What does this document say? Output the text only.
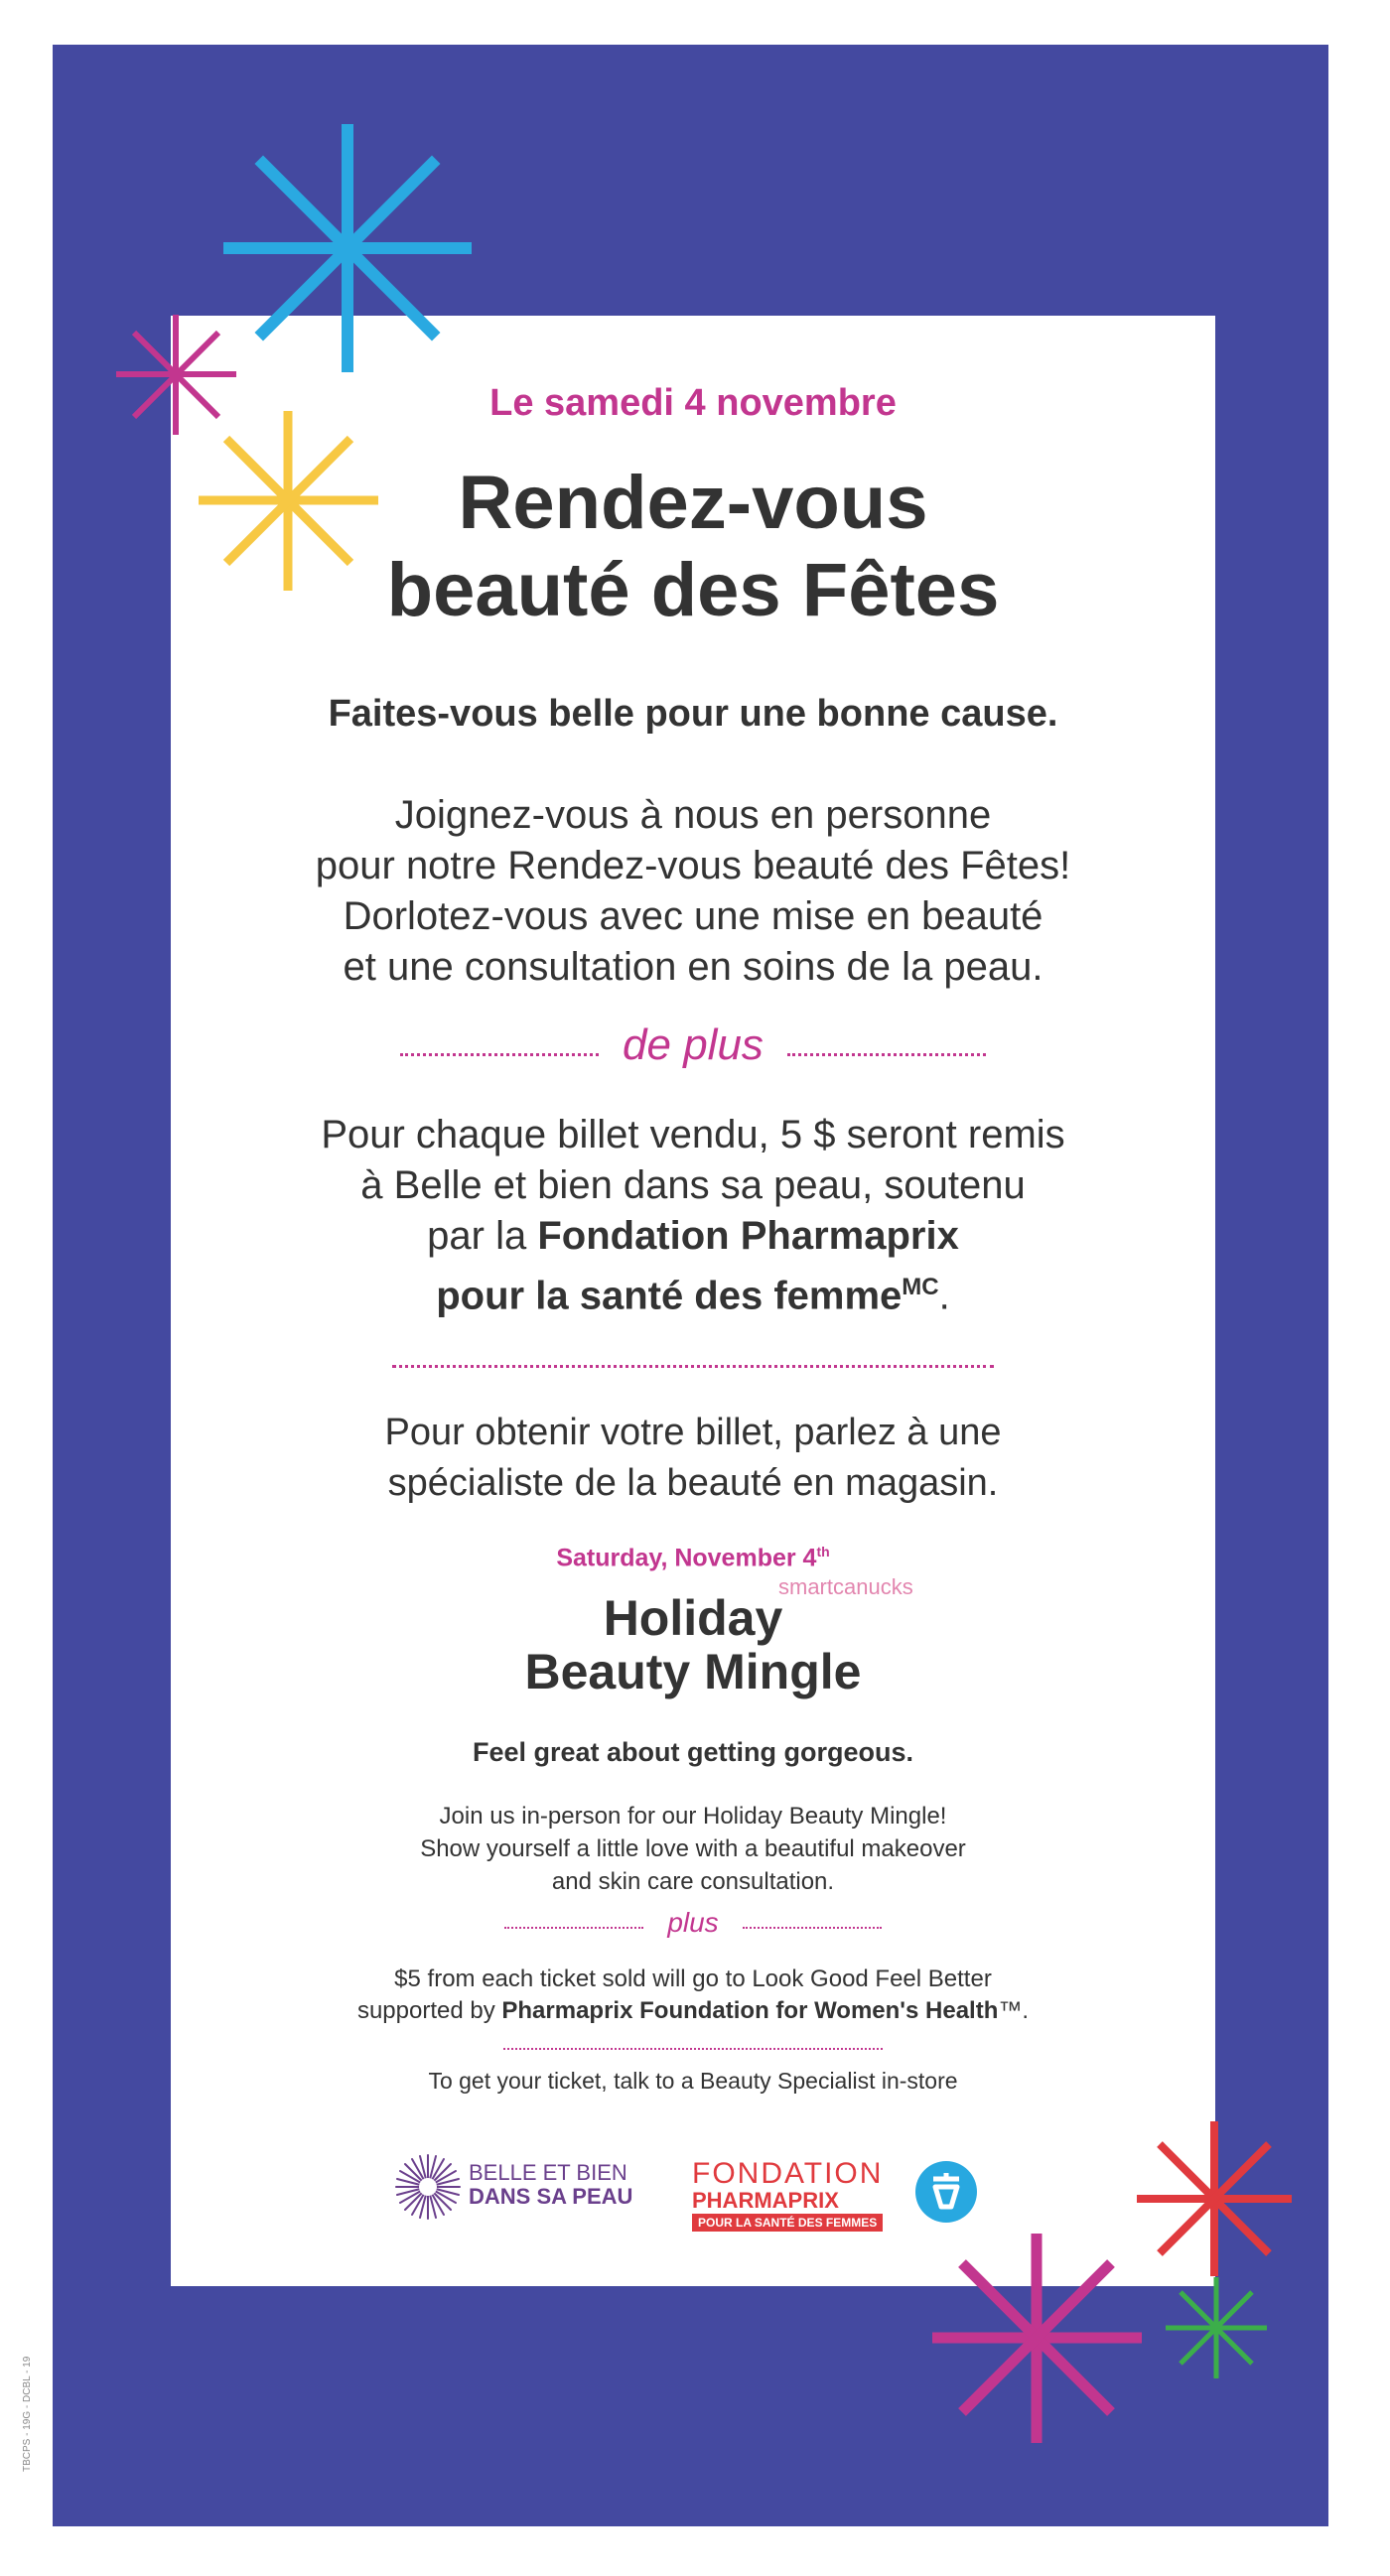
Le samedi 4 novembre
Rendez-vous
beauté des Fêtes
Faites-vous belle pour une bonne cause.
Joignez-vous à nous en personne
pour notre Rendez-vous beauté des Fêtes!
Dorlotez-vous avec une mise en beauté
et une consultation en soins de la peau.
de plus
Pour chaque billet vendu, 5 $ seront remis
à Belle et bien dans sa peau, soutenu
par la Fondation Pharmaprix
pour la santé des femme$^{MC}$.
Pour obtenir votre billet, parlez à une
spécialiste de la beauté en magasin.
Saturday, November 4th
Holiday
Beauty Mingle
Feel great about getting gorgeous.
Join us in-person for our Holiday Beauty Mingle!
Show yourself a little love with a beautiful makeover
and skin care consultation.
plus
$5 from each ticket sold will go to Look Good Feel Better
supported by Pharmaprix Foundation for Women's Health™.
To get your ticket, talk to a Beauty Specialist in-store
BELLE ET BIEN
DANS SA PEAU
FONDATION
PHARMAPRIX
POUR LA SANTÉ DES FEMMES
smartcanucks
TBCPS - 19G - DCBL - 19
